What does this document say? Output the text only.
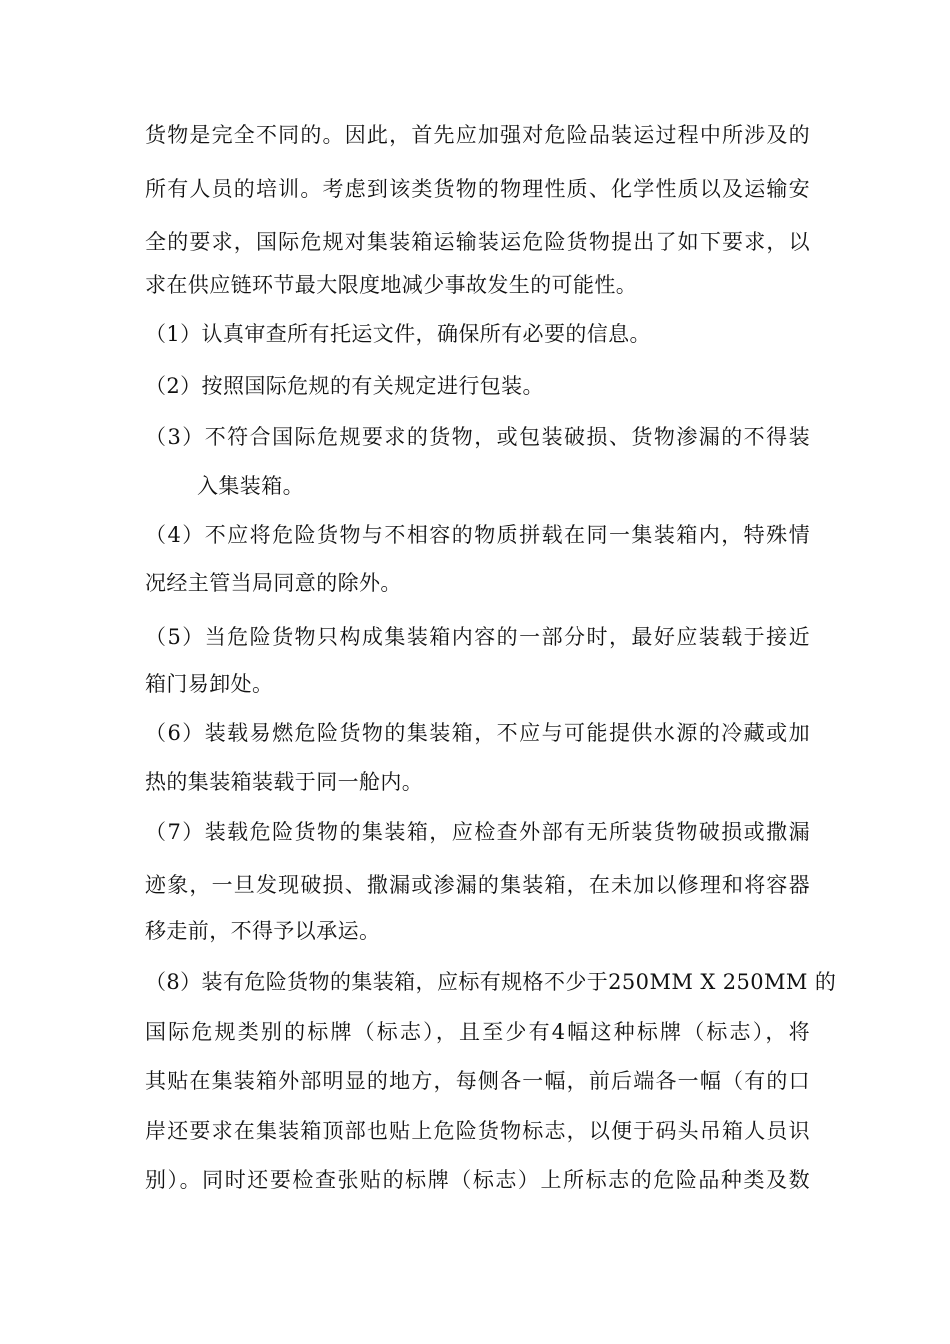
货物是完全不同的。因此，首先应加强对危险品装运过程中所涉及的
所有人员的培训。考虑到该类货物的物理性质、化学性质以及运输安
全的要求，国际危规对集装箱运输装运危险货物提出了如下要求，以
求在供应链环节最大限度地减少事故发生的可能性。
（1）认真审查所有托运文件，确保所有必要的信息。
（2）按照国际危规的有关规定进行包装。
（3）不符合国际危规要求的货物，或包装破损、货物渗漏的不得装
入集装箱。
（4）不应将危险货物与不相容的物质拼载在同一集装箱内，特殊情
况经主管当局同意的除外。
（5）当危险货物只构成集装箱内容的一部分时，最好应装载于接近
箱门易卸处。
（6）装载易燃危险货物的集装箱，不应与可能提供水源的冷藏或加
热的集装箱装载于同一舱内。
（7）装载危险货物的集装箱，应检查外部有无所装货物破损或撒漏
迹象，一旦发现破损、撒漏或渗漏的集装箱，在未加以修理和将容器
移走前，不得予以承运。
（8）装有危险货物的集装箱，应标有规格不少于250MM X 250MM 的
国际危规类别的标牌（标志），且至少有4幅这种标牌（标志），将
其贴在集装箱外部明显的地方，每侧各一幅，前后端各一幅（有的口
岸还要求在集装箱顶部也贴上危险货物标志，以便于码头吊箱人员识
别）。同时还要检查张贴的标牌（标志）上所标志的危险品种类及数
